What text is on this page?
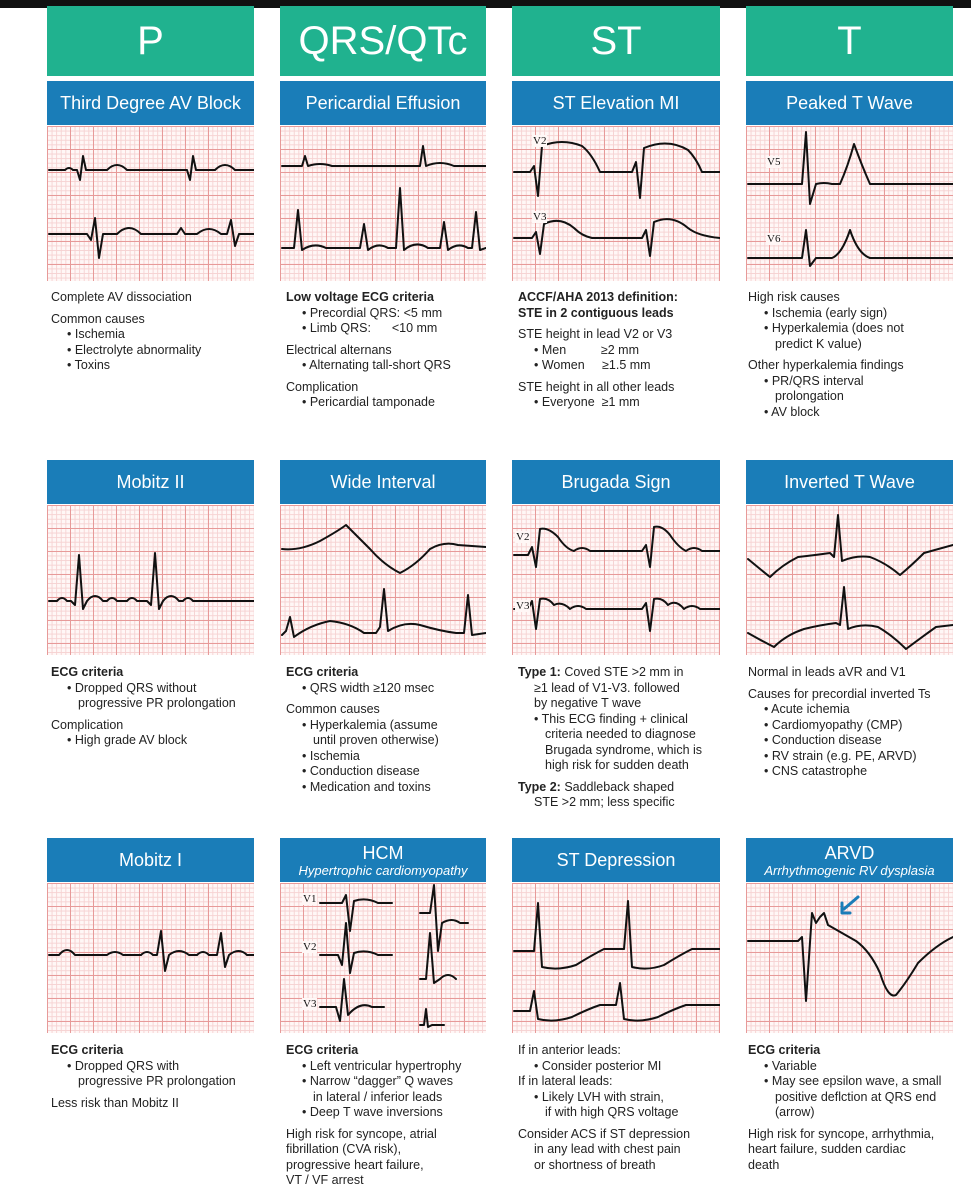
P	QRS/QTc	ST	T
Third Degree AV Block
Complete AV dissociation
Common causes
• Ischemia
• Electrolyte abnormality
• Toxins
Pericardial Effusion
Low voltage ECG criteria
• Precordial QRS: <5 mm
• Limb QRS:      <10 mm
Electrical alternans
• Alternating tall-short QRS
Complication
• Pericardial tamponade
ST Elevation MI
V2
V3
ACCF/AHA 2013 definition:
STE in 2 contiguous leads
STE height in lead V2 or V3
• Men          ≥2 mm
• Women     ≥1.5 mm
STE height in all other leads
• Everyone  ≥1 mm
Peaked T Wave
V5
V6
High risk causes
• Ischemia (early sign)
• Hyperkalemia (does not
predict K value)
Other hyperkalemia findings
• PR/QRS interval
prolongation
• AV block
Mobitz II
ECG criteria
• Dropped QRS without
progressive PR prolongation
Complication
• High grade AV block
Wide Interval
ECG criteria
• QRS width ≥120 msec
Common causes
• Hyperkalemia (assume
until proven otherwise)
• Ischemia
• Conduction disease
• Medication and toxins
Brugada Sign
V2
V3
Type 1: Coved STE >2 mm in
≥1 lead of V1-V3. followed
by negative T wave
• This ECG finding + clinical
criteria needed to diagnose
Brugada syndrome, which is
high risk for sudden death
Type 2: Saddleback shaped
STE >2 mm; less specific
Inverted T Wave
Normal in leads aVR and V1
Causes for precordial inverted Ts
• Acute ichemia
• Cardiomyopathy (CMP)
• Conduction disease
• RV strain (e.g. PE, ARVD)
• CNS catastrophe
Mobitz I
ECG criteria
• Dropped QRS with
progressive PR prolongation
Less risk than Mobitz II
HCM
Hypertrophic cardiomyopathy
V1
V2
V3
ECG criteria
• Left ventricular hypertrophy
• Narrow “dagger” Q waves
in lateral / inferior leads
• Deep T wave inversions
High risk for syncope, atrial
fibrillation (CVA risk),
progressive heart failure,
VT / VF arrest
ST Depression
If in anterior leads:
• Consider posterior MI
If in lateral leads:
• Likely LVH with strain,
if with high QRS voltage
Consider ACS if ST depression
in any lead with chest pain
or shortness of breath
ARVD
Arrhythmogenic RV dysplasia
ECG criteria
• Variable
• May see epsilon wave, a small
positive deflction at QRS end
(arrow)
High risk for syncope, arrhythmia,
heart failure, sudden cardiac
death
